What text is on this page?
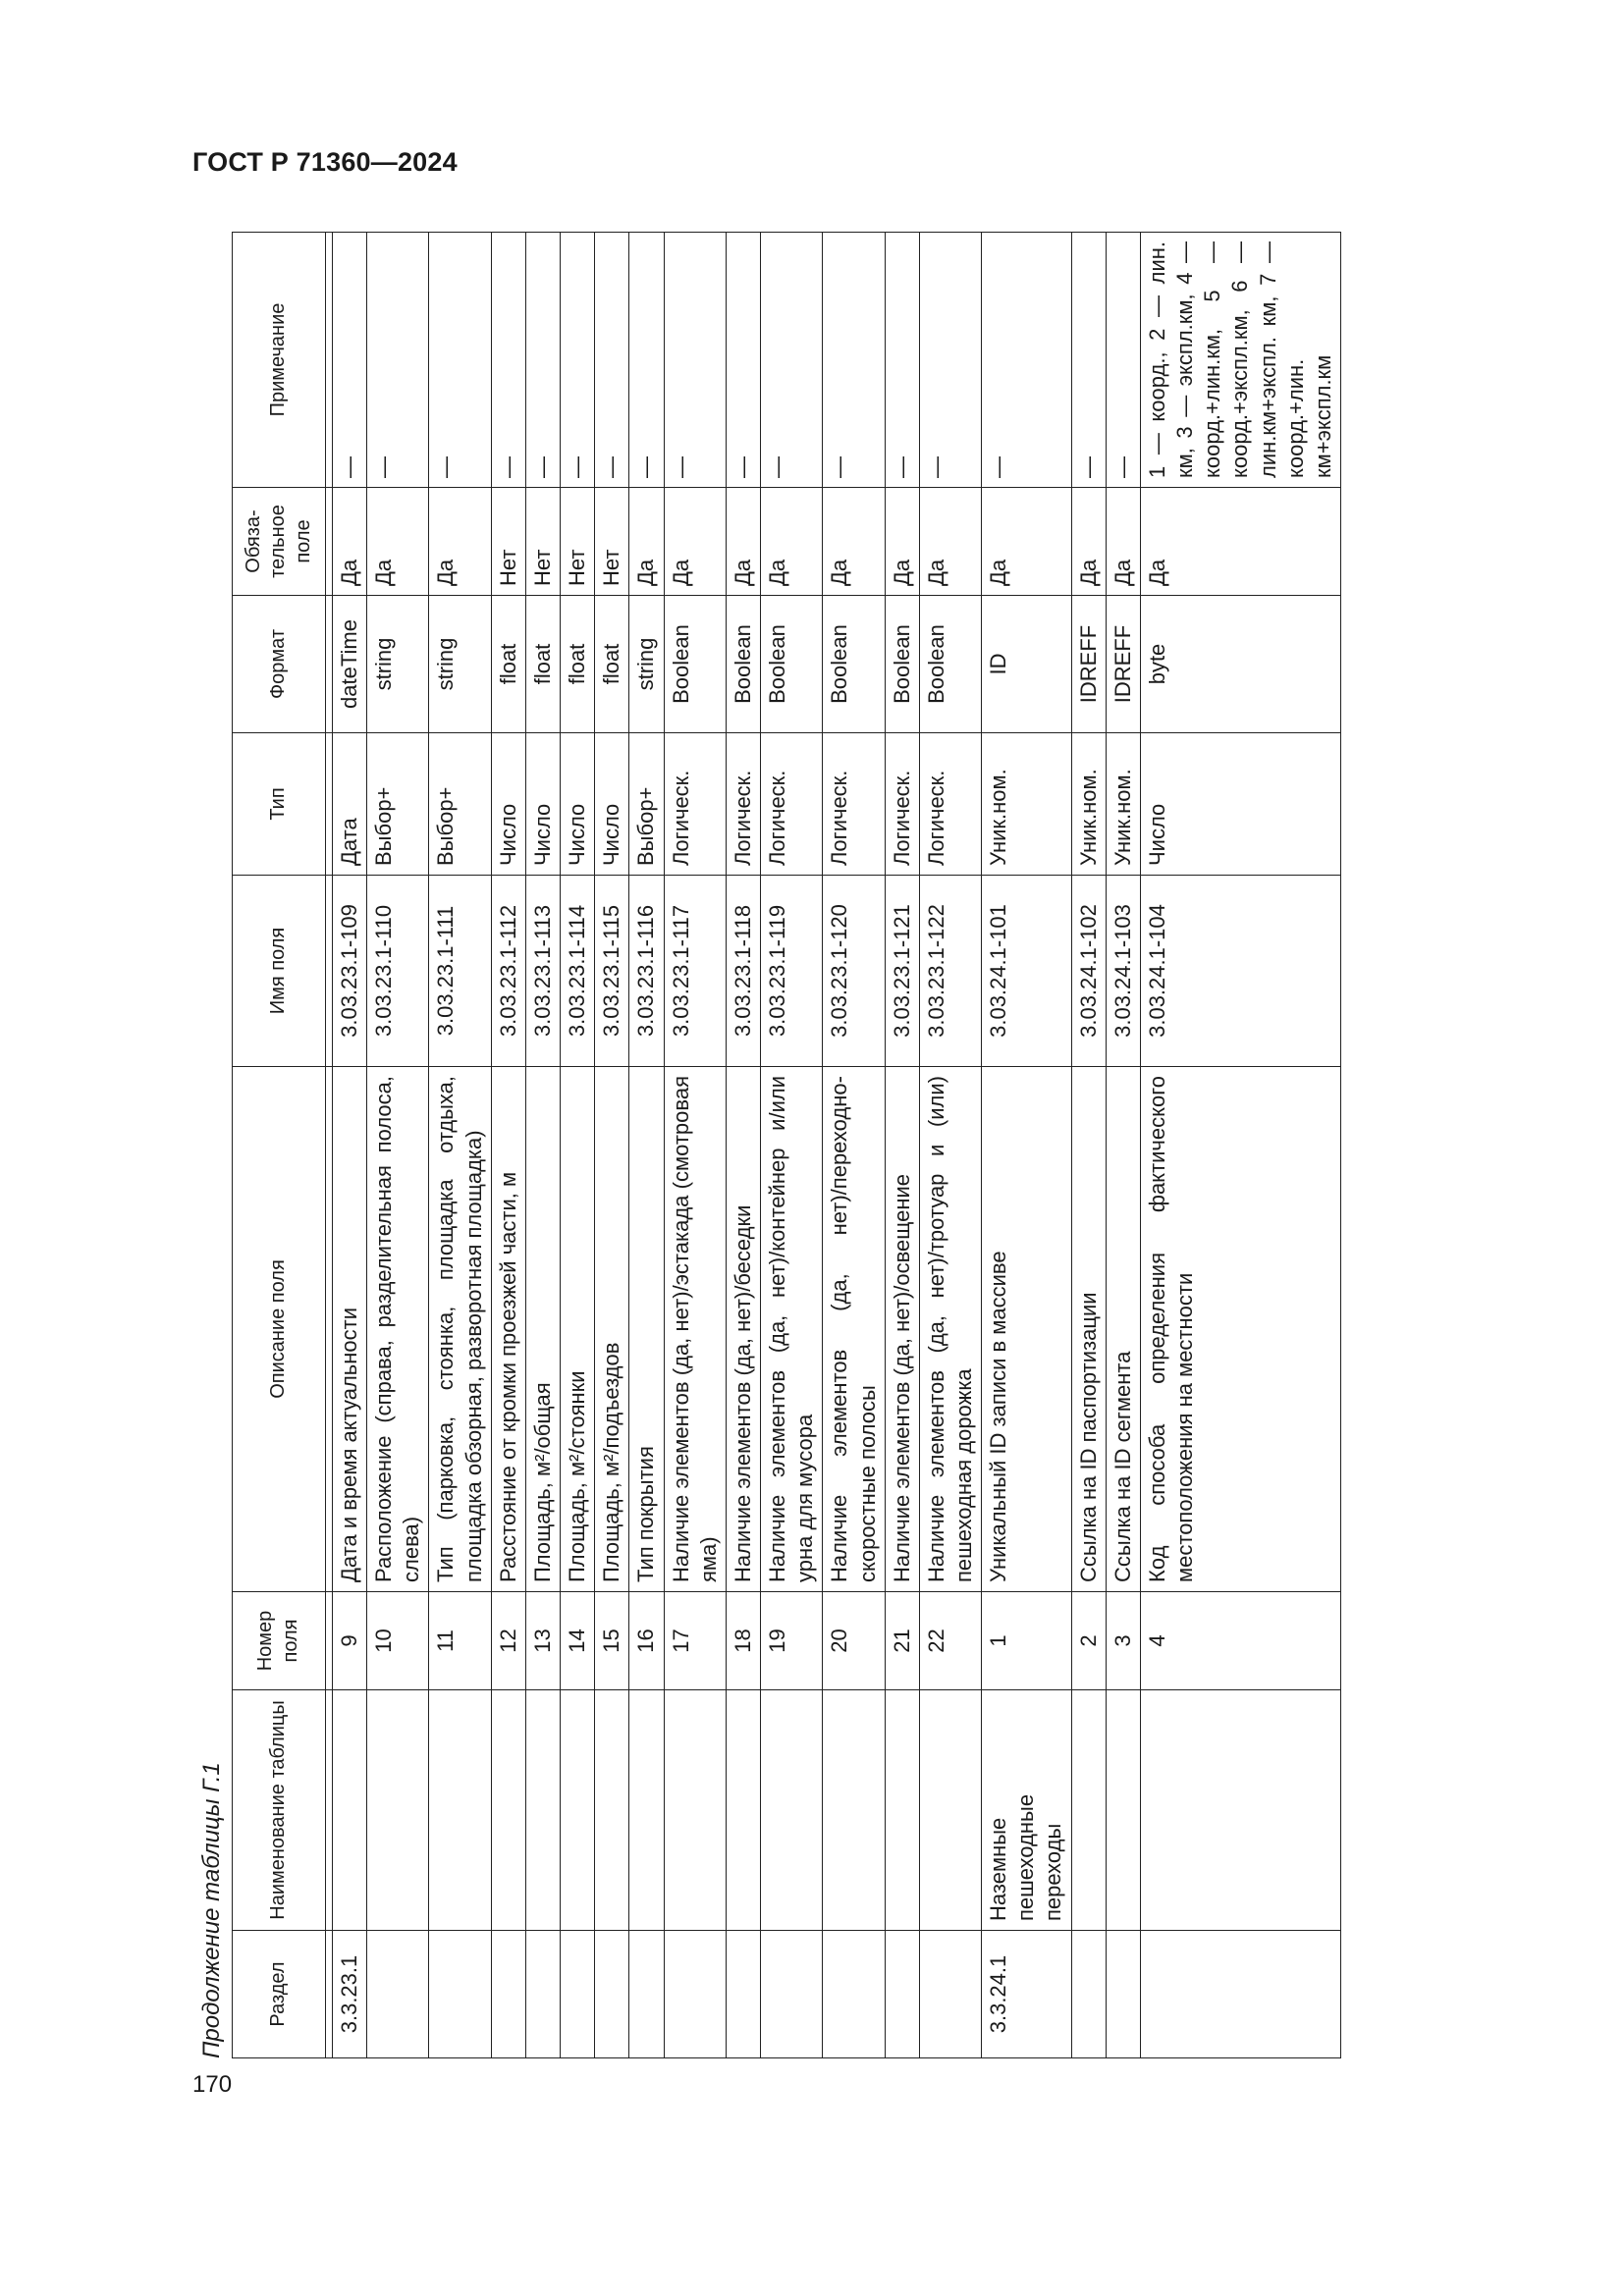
ГОСТ Р 71360—2024
170
Продолжение таблицы Г.1	Раздел	Наименование таблицы	Номер поля	Описание поля	Имя поля	Тип	Формат	Обяза-тельное поле	Примечание

3.3.23.1		9	Дата и время актуальности	3.03.23.1-109	Дата	dateTime	Да	—
		10	Расположение (справа, разделительная полоса, слева)	3.03.23.1-110	Выбор+	string	Да	—
		11	Тип (парковка, стоянка, площадка отдыха, площадка обзорная, разворотная площадка)	3.03.23.1-111	Выбор+	string	Да	—
		12	Расстояние от кромки проезжей части, м	3.03.23.1-112	Число	float	Нет	—
		13	Площадь, м²/общая	3.03.23.1-113	Число	float	Нет	—
		14	Площадь, м²/стоянки	3.03.23.1-114	Число	float	Нет	—
		15	Площадь, м²/подъездов	3.03.23.1-115	Число	float	Нет	—
		16	Тип покрытия	3.03.23.1-116	Выбор+	string	Да	—
		17	Наличие элементов (да, нет)/эстакада (смотровая яма)	3.03.23.1-117	Логическ.	Boolean	Да	—
		18	Наличие элементов (да, нет)/беседки	3.03.23.1-118	Логическ.	Boolean	Да	—
		19	Наличие элементов (да, нет)/контейнер и/или урна для мусора	3.03.23.1-119	Логическ.	Boolean	Да	—
		20	Наличие элементов (да, нет)/переходно-скоростные полосы	3.03.23.1-120	Логическ.	Boolean	Да	—
		21	Наличие элементов (да, нет)/освещение	3.03.23.1-121	Логическ.	Boolean	Да	—
		22	Наличие элементов (да, нет)/тротуар и (или) пешеходная дорожка	3.03.23.1-122	Логическ.	Boolean	Да	—
3.3.24.1	Наземные пешеходные переходы	1	Уникальный ID записи в массиве	3.03.24.1-101	Уник.ном.	ID	Да	—
		2	Ссылка на ID паспортизации	3.03.24.1-102	Уник.ном.	IDREFF	Да	—
		3	Ссылка на ID сегмента	3.03.24.1-103	Уник.ном.	IDREFF	Да	—
		4	Код способа определения фактического местоположения на местности	3.03.24.1-104	Число	byte	Да	1 — коорд., 2 — лин. км, 3 — экспл.км, 4 — коорд.+лин.км, 5 — коорд.+экспл.км, 6 — лин.км+экспл. км, 7 — коорд.+лин. км+экспл.км
